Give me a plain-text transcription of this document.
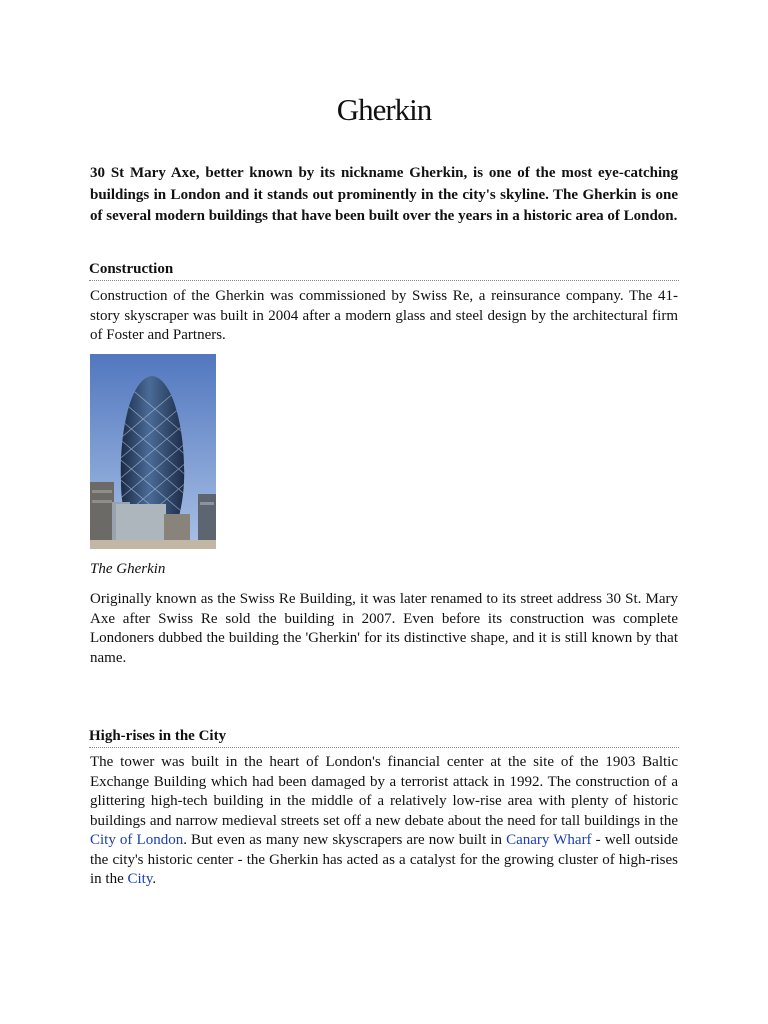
Gherkin

30 St Mary Axe, better known by its nickname Gherkin, is one of the most eye-catching buildings in London and it stands out prominently in the city's skyline. The Gherkin is one of several modern buildings that have been built over the years in a historic area of London.

Construction

Construction of the Gherkin was commissioned by Swiss Re, a reinsurance company. The 41-story skyscraper was built in 2004 after a modern glass and steel design by the architectural firm of Foster and Partners.

The Gherkin

Originally known as the Swiss Re Building, it was later renamed to its street address 30 St. Mary Axe after Swiss Re sold the building in 2007. Even before its construction was complete Londoners dubbed the building the 'Gherkin' for its distinctive shape, and it is still known by that name.

High-rises in the City

The tower was built in the heart of London's financial center at the site of the 1903 Baltic Exchange Building which had been damaged by a terrorist attack in 1992. The construction of a glittering high-tech building in the middle of a relatively low-rise area with plenty of historic buildings and narrow medieval streets set off a new debate about the need for tall buildings in the City of London. But even as many new skyscrapers are now built in Canary Wharf - well outside the city's historic center - the Gherkin has acted as a catalyst for the growing cluster of high-rises in the City.
